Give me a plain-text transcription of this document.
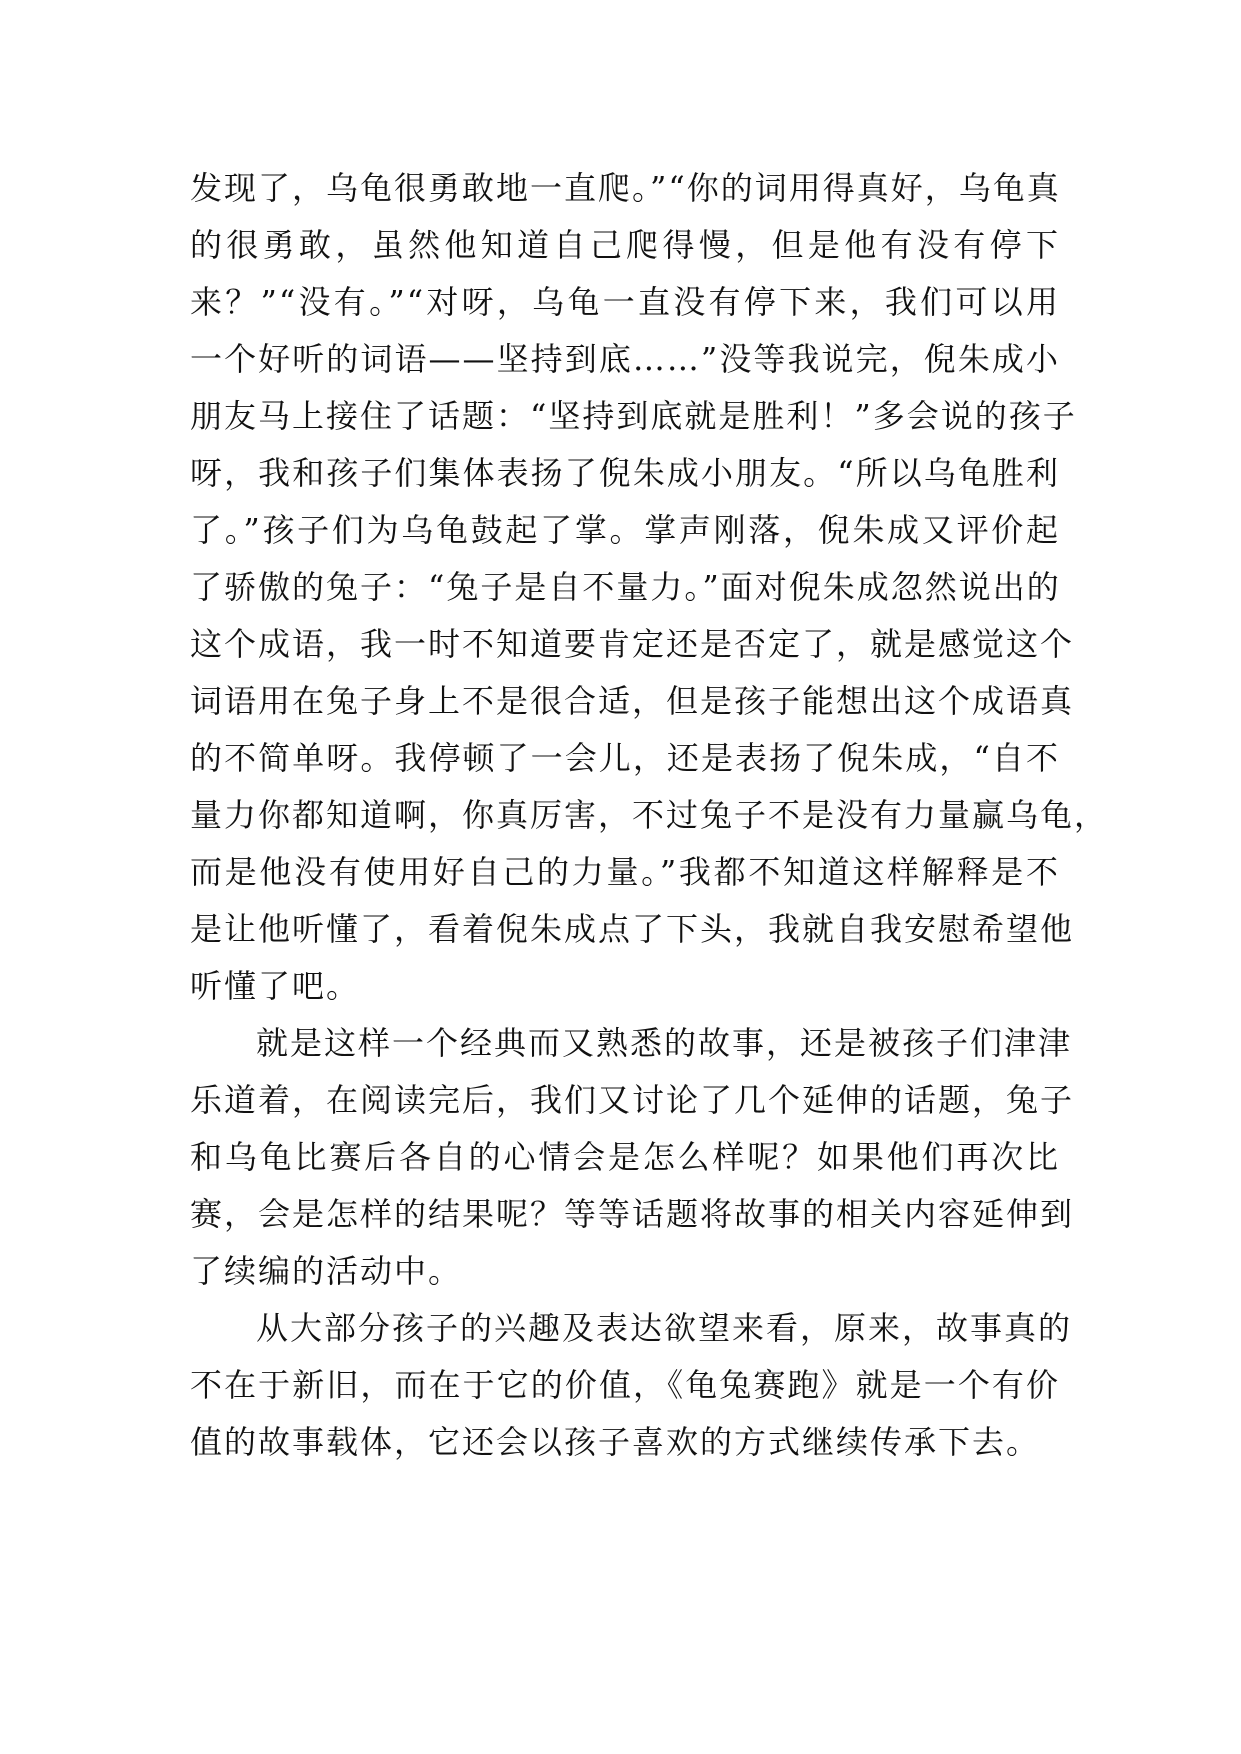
发现了，乌龟很勇敢地一直爬。”“你的词用得真好，乌龟真
的很勇敢，虽然他知道自己爬得慢，但是他有没有停下
来？”“没有。”“对呀，乌龟一直没有停下来，我们可以用
一个好听的词语——坚持到底……”没等我说完，倪朱成小
朋友马上接住了话题：“坚持到底就是胜利！”多会说的孩子
呀，我和孩子们集体表扬了倪朱成小朋友。“所以乌龟胜利
了。”孩子们为乌龟鼓起了掌。掌声刚落，倪朱成又评价起
了骄傲的兔子：“兔子是自不量力。”面对倪朱成忽然说出的
这个成语，我一时不知道要肯定还是否定了，就是感觉这个
词语用在兔子身上不是很合适，但是孩子能想出这个成语真
的不简单呀。我停顿了一会儿，还是表扬了倪朱成，“自不
量力你都知道啊，你真厉害，不过兔子不是没有力量赢乌龟，
而是他没有使用好自己的力量。”我都不知道这样解释是不
是让他听懂了，看着倪朱成点了下头，我就自我安慰希望他
听懂了吧。
就是这样一个经典而又熟悉的故事，还是被孩子们津津
乐道着，在阅读完后，我们又讨论了几个延伸的话题，兔子
和乌龟比赛后各自的心情会是怎么样呢？如果他们再次比
赛，会是怎样的结果呢？等等话题将故事的相关内容延伸到
了续编的活动中。
从大部分孩子的兴趣及表达欲望来看，原来，故事真的
不在于新旧，而在于它的价值，《龟兔赛跑》就是一个有价
值的故事载体，它还会以孩子喜欢的方式继续传承下去。
